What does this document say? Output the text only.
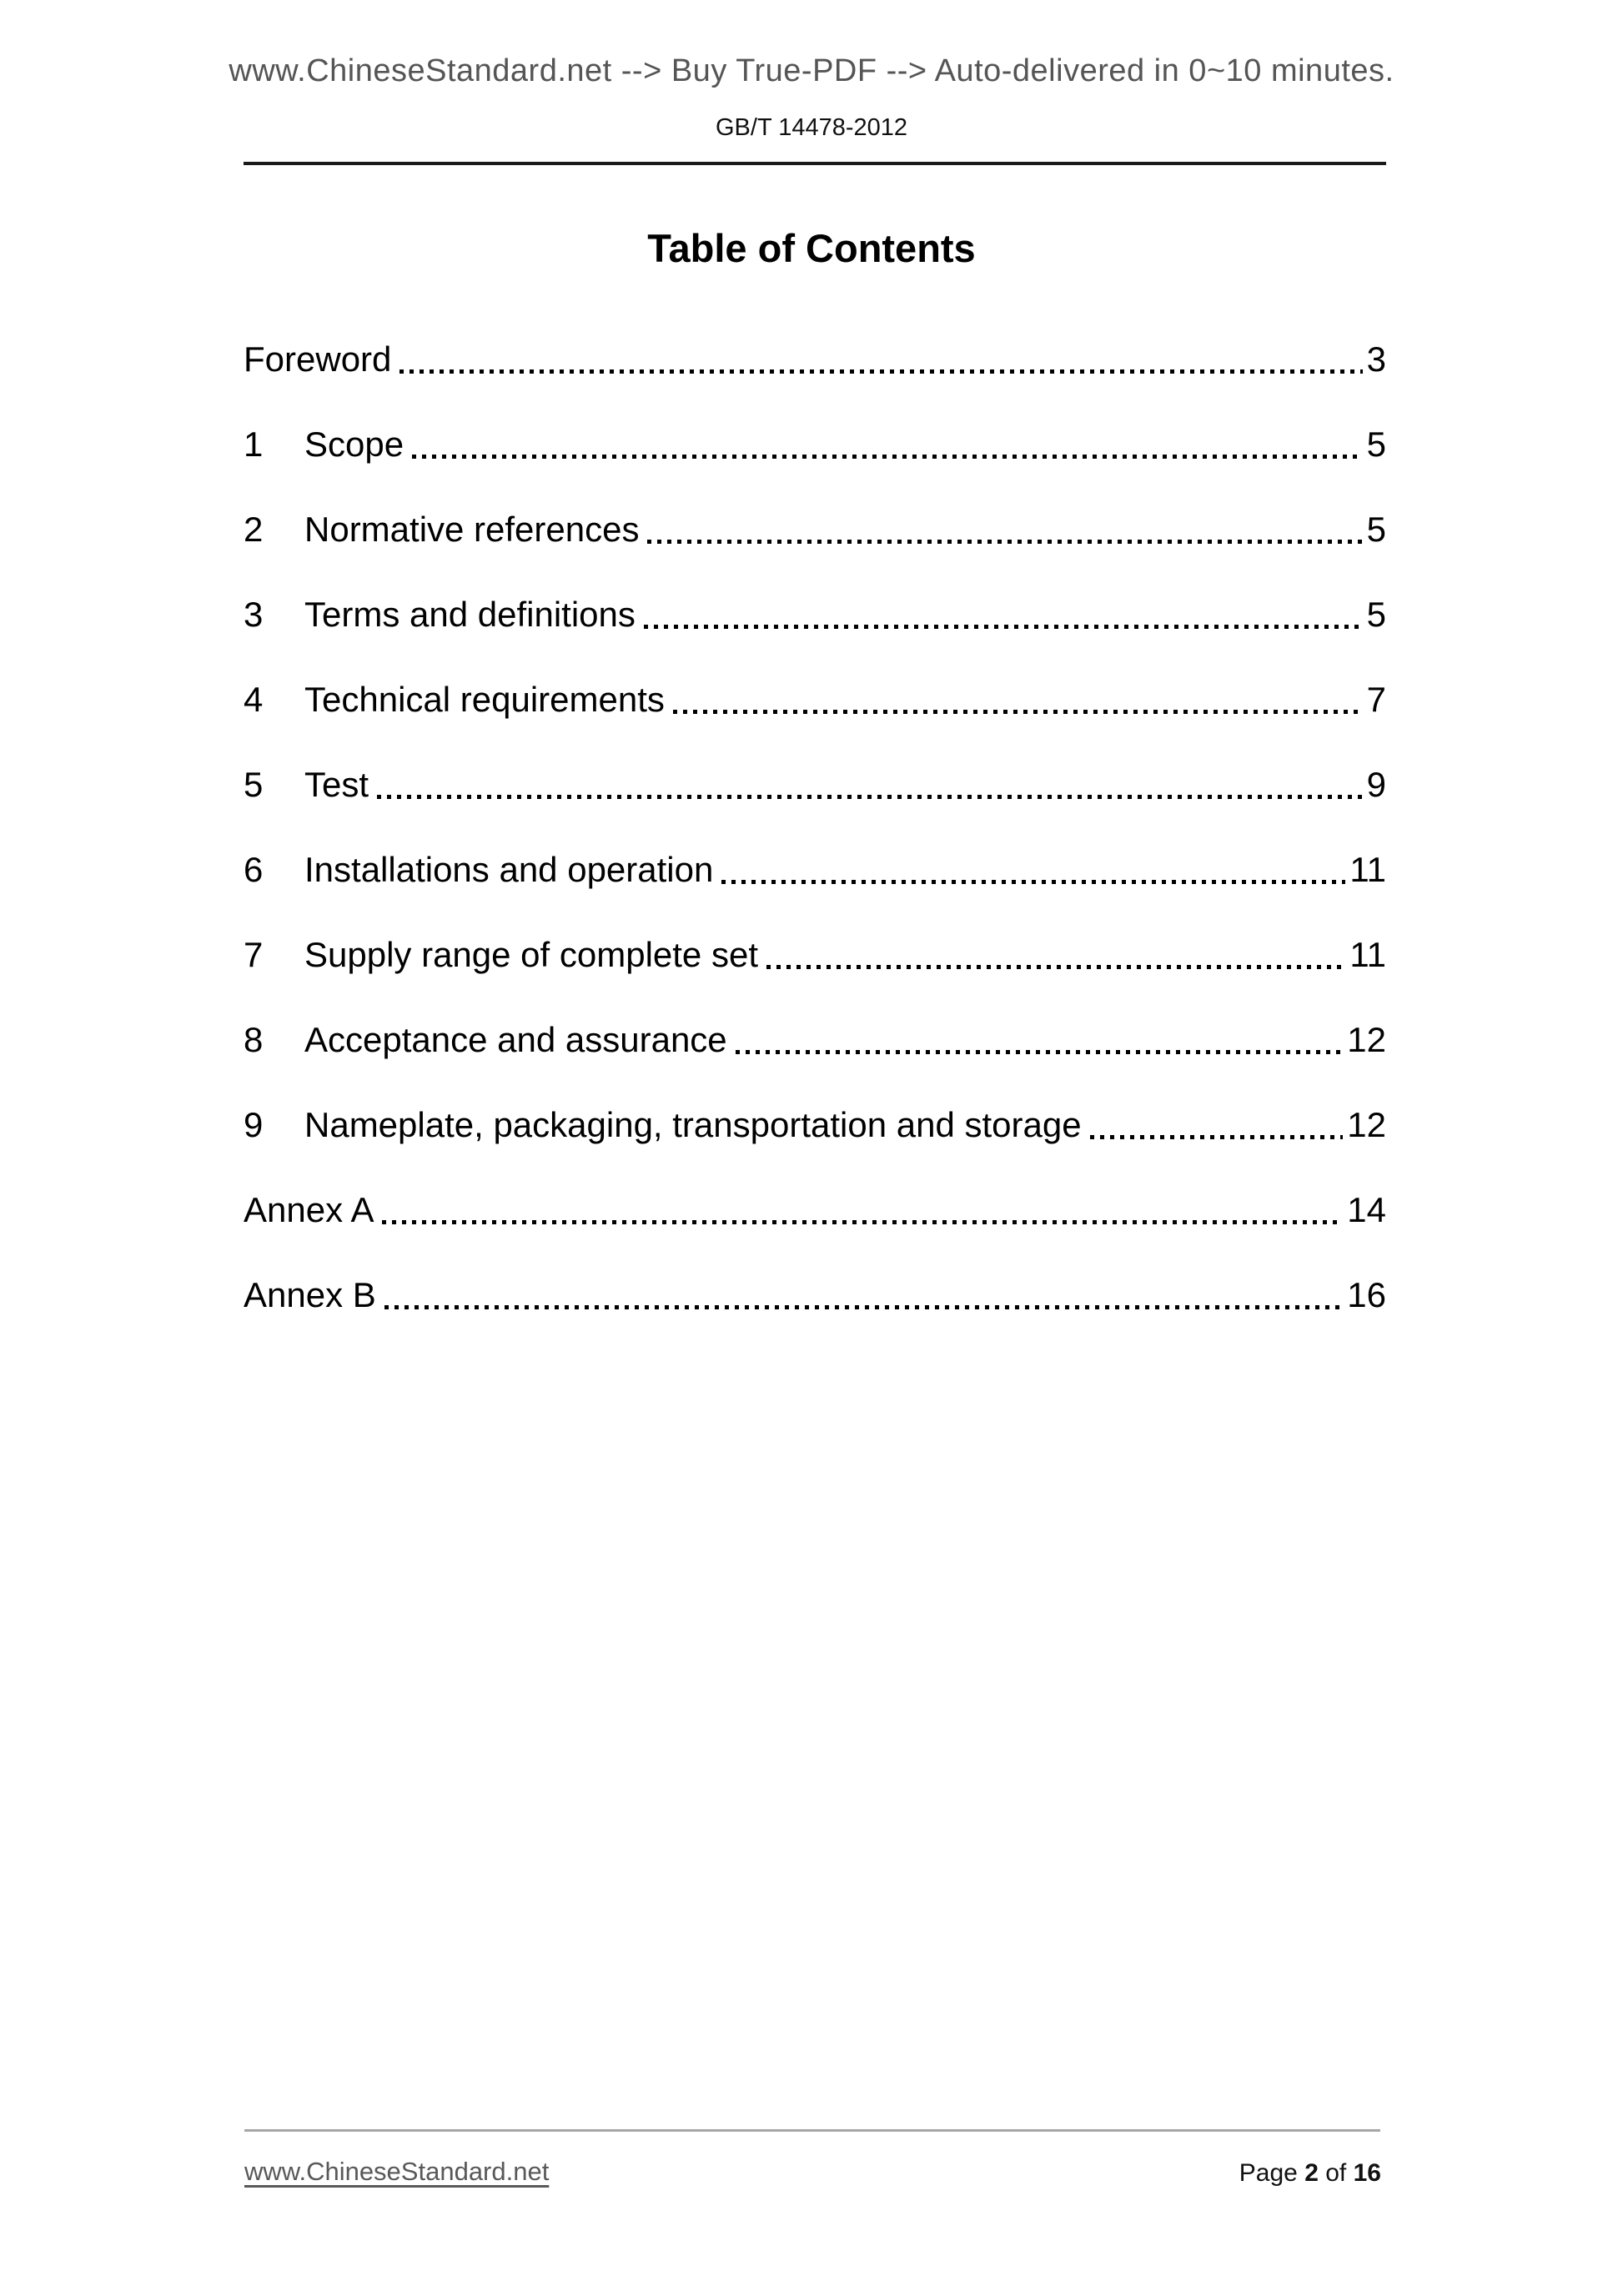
www.ChineseStandard.net --> Buy True-PDF --> Auto-delivered in 0~10 minutes.
GB/T 14478-2012
Table of Contents
Foreword	3
1	Scope	5
2	Normative references	5
3	Terms and definitions	5
4	Technical requirements	7
5	Test	9
6	Installations and operation	11
7	Supply range of complete set	11
8	Acceptance and assurance	12
9	Nameplate, packaging, transportation and storage	12
Annex A	14
Annex B	16
www.ChineseStandard.net	Page 2 of 16
